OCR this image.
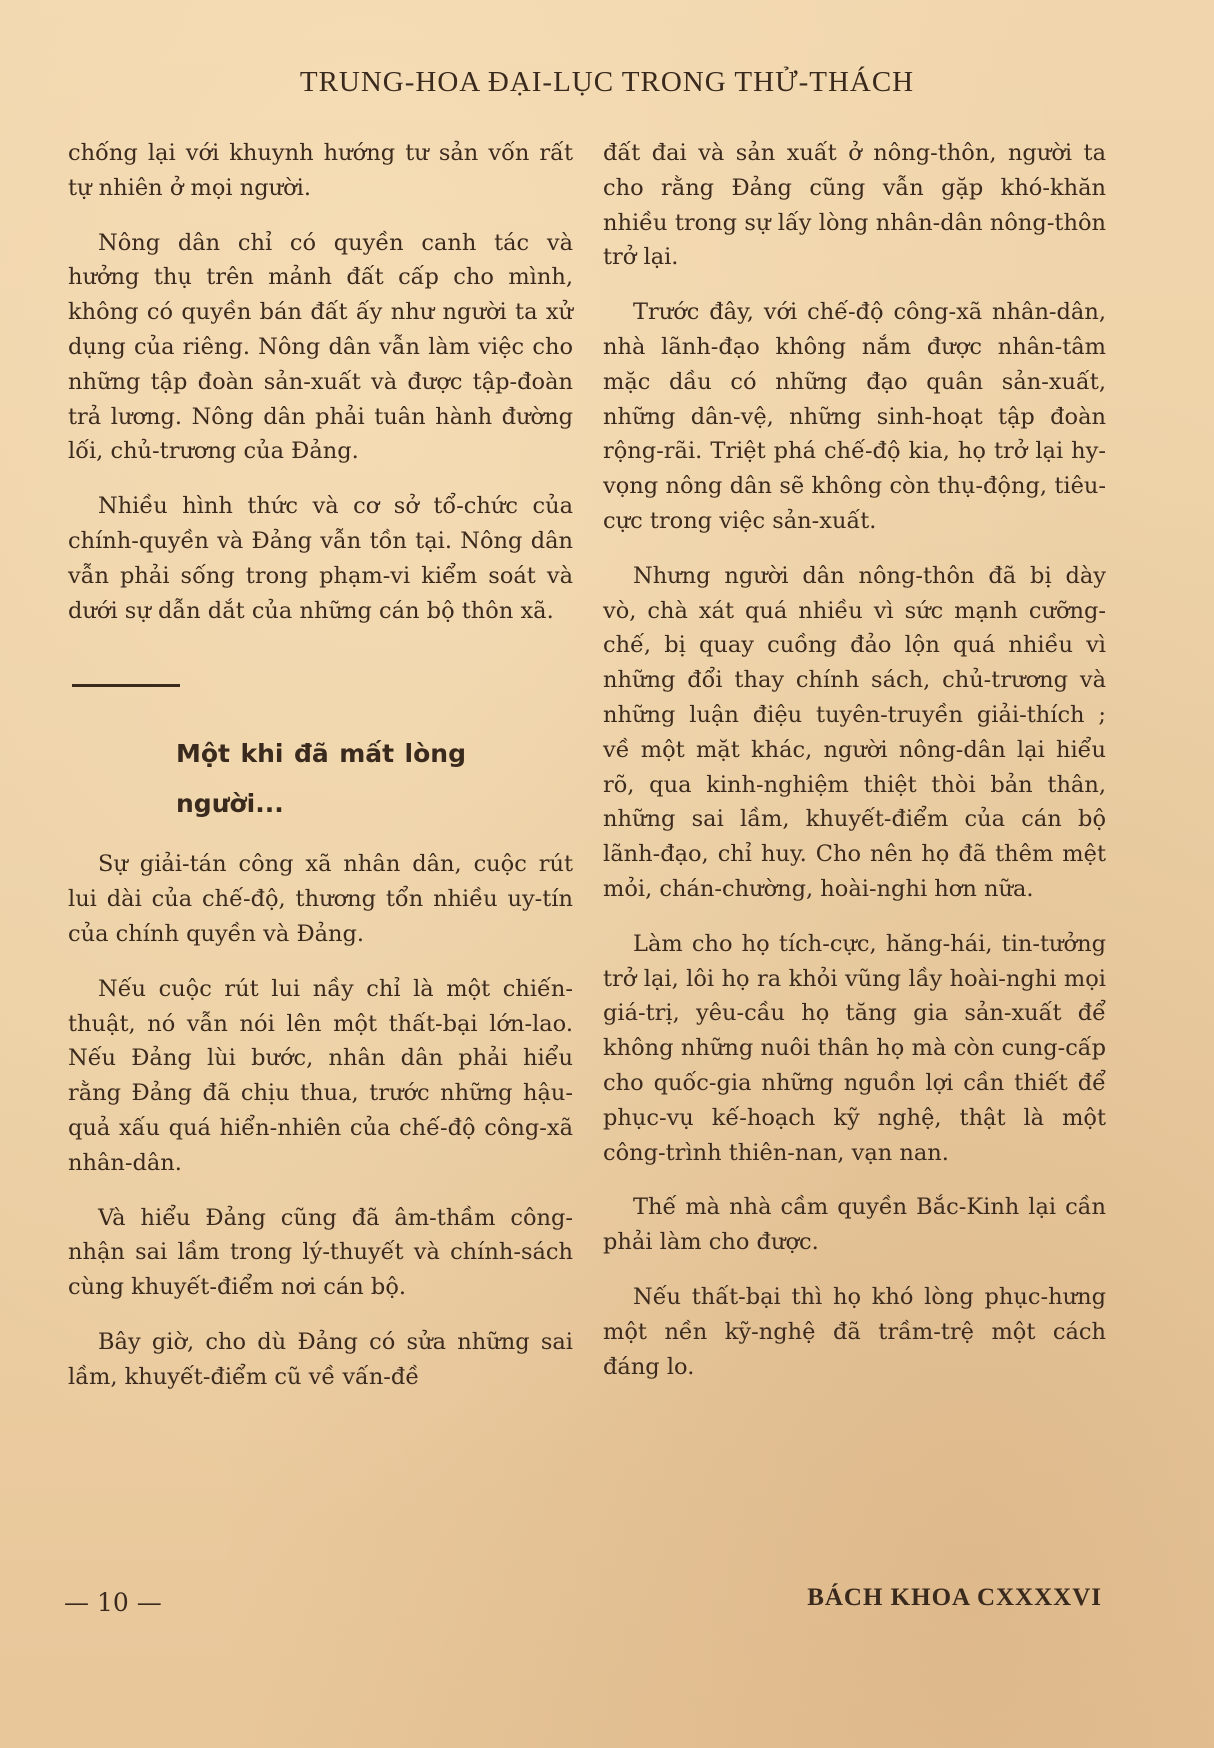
TRUNG-HOA ĐẠI-LỤC TRONG THỬ-THÁCH

chống lại với khuynh hướng tư sản vốn rất tự nhiên ở mọi người.

Nông dân chỉ có quyền canh tác và hưởng thụ trên mảnh đất cấp cho mình, không có quyền bán đất ấy như người ta xử dụng của riêng. Nông dân vẫn làm việc cho những tập đoàn sản-xuất và được tập-đoàn trả lương. Nông dân phải tuân hành đường lối, chủ-trương của Đảng.

Nhiều hình thức và cơ sở tổ-chức của chính-quyền và Đảng vẫn tồn tại. Nông dân vẫn phải sống trong phạm-vi kiểm soát và dưới sự dẫn dắt của những cán bộ thôn xã.

Một khi đã mất lòng người...

Sự giải-tán công xã nhân dân, cuộc rút lui dài của chế-độ, thương tổn nhiều uy-tín của chính quyền và Đảng.

Nếu cuộc rút lui nầy chỉ là một chiến-thuật, nó vẫn nói lên một thất-bại lớn-lao. Nếu Đảng lùi bước, nhân dân phải hiểu rằng Đảng đã chịu thua, trước những hậu-quả xấu quá hiển-nhiên của chế-độ công-xã nhân-dân.

Và hiểu Đảng cũng đã âm-thầm công-nhận sai lầm trong lý-thuyết và chính-sách cùng khuyết-điểm nơi cán bộ.

Bây giờ, cho dù Đảng có sửa những sai lầm, khuyết-điểm cũ về vấn-đề

đất đai và sản xuất ở nông-thôn, người ta cho rằng Đảng cũng vẫn gặp khó-khăn nhiều trong sự lấy lòng nhân-dân nông-thôn trở lại.

Trước đây, với chế-độ công-xã nhân-dân, nhà lãnh-đạo không nắm được nhân-tâm mặc dầu có những đạo quân sản-xuất, những dân-vệ, những sinh-hoạt tập đoàn rộng-rãi. Triệt phá chế-độ kia, họ trở lại hy-vọng nông dân sẽ không còn thụ-động, tiêu-cực trong việc sản-xuất.

Nhưng người dân nông-thôn đã bị dày vò, chà xát quá nhiều vì sức mạnh cưỡng-chế, bị quay cuồng đảo lộn quá nhiều vì những đổi thay chính sách, chủ-trương và những luận điệu tuyên-truyền giải-thích ; về một mặt khác, người nông-dân lại hiểu rõ, qua kinh-nghiệm thiệt thòi bản thân, những sai lầm, khuyết-điểm của cán bộ lãnh-đạo, chỉ huy. Cho nên họ đã thêm mệt mỏi, chán-chường, hoài-nghi hơn nữa.

Làm cho họ tích-cực, hăng-hái, tin-tưởng trở lại, lôi họ ra khỏi vũng lầy hoài-nghi mọi giá-trị, yêu-cầu họ tăng gia sản-xuất để không những nuôi thân họ mà còn cung-cấp cho quốc-gia những nguồn lợi cần thiết để phục-vụ kế-hoạch kỹ nghệ, thật là một công-trình thiên-nan, vạn nan.

Thế mà nhà cầm quyền Bắc-Kinh lại cần phải làm cho được.

Nếu thất-bại thì họ khó lòng phục-hưng một nền kỹ-nghệ đã trầm-trệ một cách đáng lo.

— 10 —	BÁCH KHOA CXXXXVI
